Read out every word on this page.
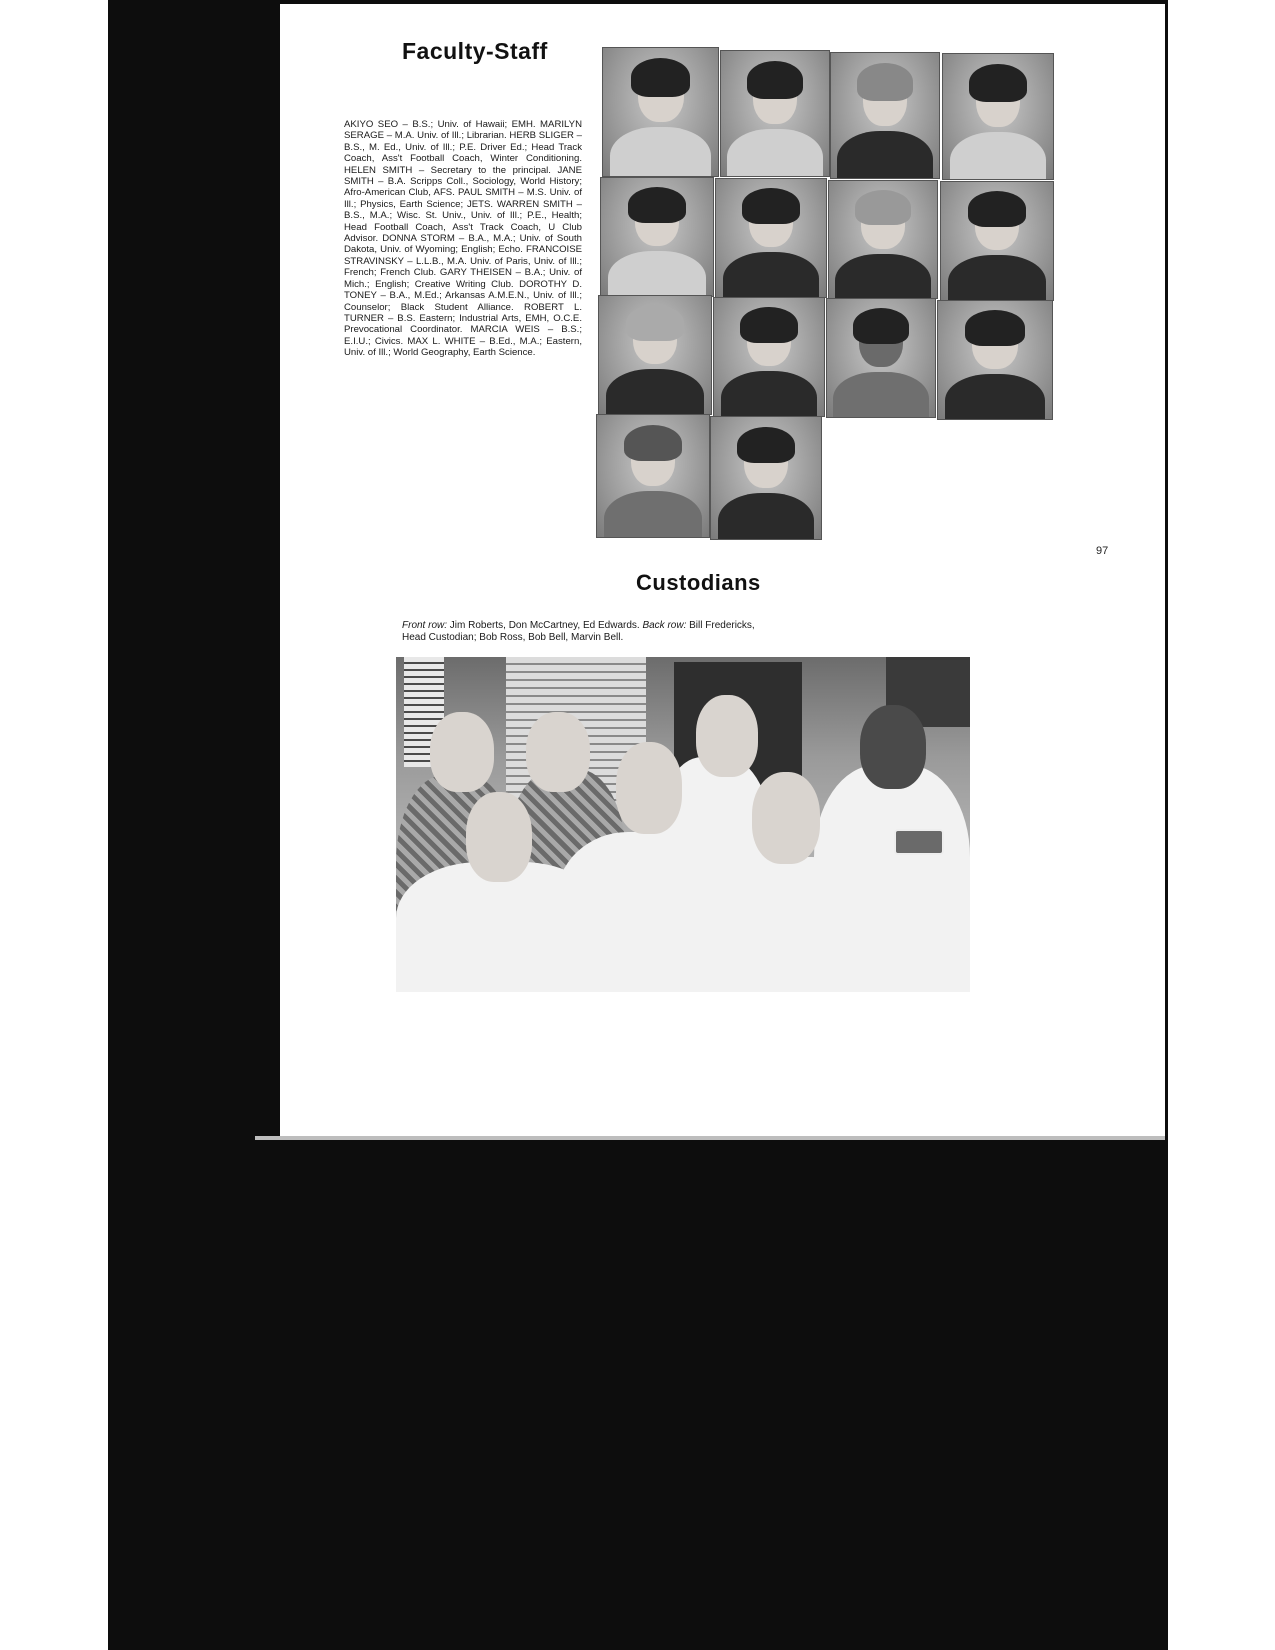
Faculty-Staff

AKIYO SEO – B.S.; Univ. of Hawaii; EMH. MARILYN SERAGE – M.A. Univ. of Ill.; Librarian. HERB SLIGER – B.S., M. Ed., Univ. of Ill.; P.E. Driver Ed.; Head Track Coach, Ass't Football Coach, Winter Conditioning. HELEN SMITH – Secretary to the principal. JANE SMITH – B.A. Scripps Coll., Sociology, World History; Afro-American Club, AFS. PAUL SMITH – M.S. Univ. of Ill.; Physics, Earth Science; JETS. WARREN SMITH – B.S., M.A.; Wisc. St. Univ., Univ. of Ill.; P.E., Health; Head Football Coach, Ass't Track Coach, U Club Advisor. DONNA STORM – B.A., M.A.; Univ. of South Dakota, Univ. of Wyoming; English; Echo. FRANCOISE STRAVINSKY – L.L.B., M.A. Univ. of Paris, Univ. of Ill.; French; French Club. GARY THEISEN – B.A.; Univ. of Mich.; English; Creative Writing Club. DOROTHY D. TONEY – B.A., M.Ed.; Arkansas A.M.E.N., Univ. of Ill.; Counselor; Black Student Alliance. ROBERT L. TURNER – B.S. Eastern; Industrial Arts, EMH, O.C.E. Prevocational Coordinator. MARCIA WEIS – B.S.; E.I.U.; Civics. MAX L. WHITE – B.Ed., M.A.; Eastern, Univ. of Ill.; World Geography, Earth Science.

97
Custodians

Front row: Jim Roberts, Don McCartney, Ed Edwards. Back row: Bill Fredericks, Head Custodian; Bob Ross, Bob Bell, Marvin Bell.
